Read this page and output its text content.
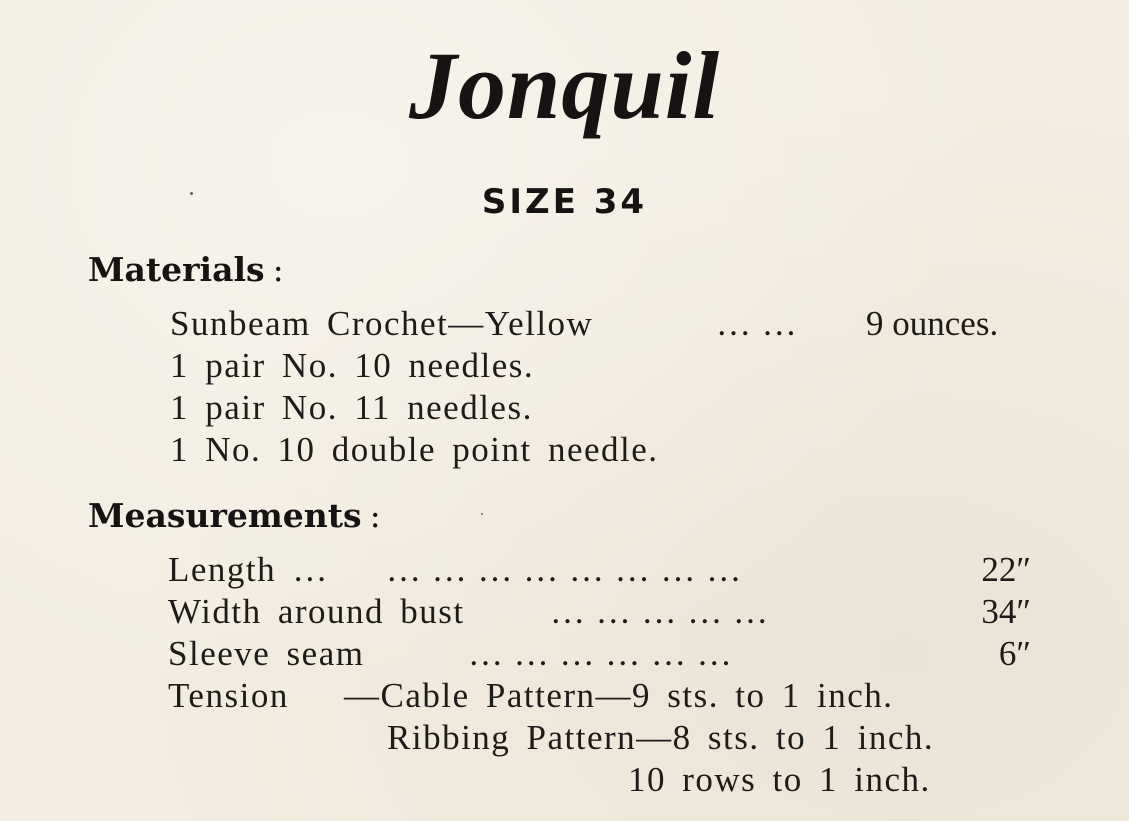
Jonquil
SIZE 34
Materials :
Sunbeam Crochet—Yellow	… … 9 ounces.
1 pair No. 10 needles.
1 pair No. 11 needles.
1 No. 10 double point needle.
Measurements :
Length … … … … … … … … …	22″
Width around bust … … … … …	34″
Sleeve seam	… … … … … …	6″
Tension —Cable Pattern—9 sts. to 1 inch.
Ribbing Pattern—8 sts. to 1 inch.
10 rows to 1 inch.
